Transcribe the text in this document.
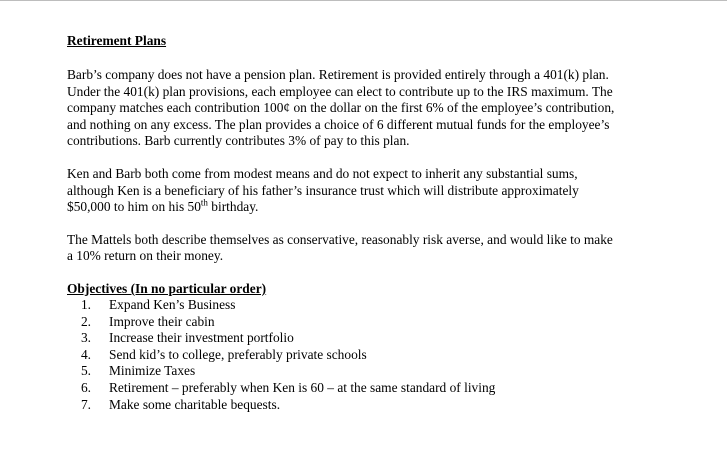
Retirement Plans
Barb’s company does not have a pension plan. Retirement is provided entirely through a 401(k) plan.
Under the 401(k) plan provisions, each employee can elect to contribute up to the IRS maximum. The
company matches each contribution 100¢ on the dollar on the first 6% of the employee’s contribution,
and nothing on any excess. The plan provides a choice of 6 different mutual funds for the employee’s
contributions. Barb currently contributes 3% of pay to this plan.
Ken and Barb both come from modest means and do not expect to inherit any substantial sums,
although Ken is a beneficiary of his father’s insurance trust which will distribute approximately
$50,000 to him on his 50th birthday.
The Mattels both describe themselves as conservative, reasonably risk averse, and would like to make
a 10% return on their money.
Objectives (In no particular order)
1.	Expand Ken’s Business
2.	Improve their cabin
3.	Increase their investment portfolio
4.	Send kid’s to college, preferably private schools
5.	Minimize Taxes
6.	Retirement – preferably when Ken is 60 – at the same standard of living
7.	Make some charitable bequests.
